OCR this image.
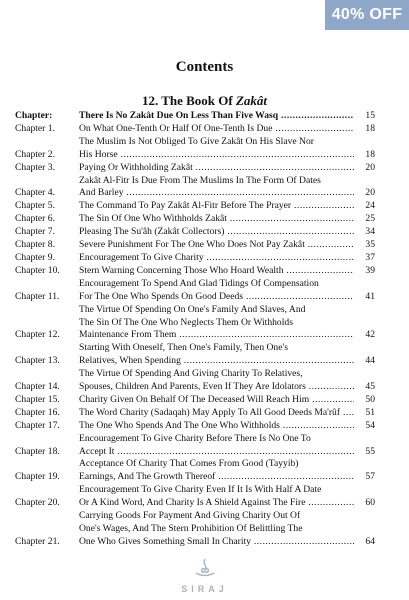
40% OFF
Contents
12. The Book Of Zakât
Chapter:	There Is No Zakât Due On Less Than Five Wasq .....	15
Chapter 1.	On What One-Tenth Or Half Of One-Tenth Is Due .....	18
Chapter 2.
The Muslim Is Not Obliged To Give Zakât On His Slave Nor
His Horse .....	18
Chapter 3.	Paying Or Withholding Zakât .....	20
Chapter 4.
Zakât Al-Fitr Is Due From The Muslims In The Form Of Dates
And Barley .....	20
Chapter 5.	The Command To Pay Zakât Al-Fitr Before The Prayer .....	24
Chapter 6.	The Sin Of One Who Withholds Zakât .....	25
Chapter 7.	Pleasing The Su'âh (Zakât Collectors) .....	34
Chapter 8.	Severe Punishment For The One Who Does Not Pay Zakât .....	35
Chapter 9.	Encouragement To Give Charity .....	37
Chapter 10.	Stern Warning Concerning Those Who Hoard Wealth .....	39
Chapter 11.
Encouragement To Spend And Glad Tidings Of Compensation
For The One Who Spends On Good Deeds .....	41
Chapter 12.
The Virtue Of Spending On One's Family And Slaves, And
The Sin Of The One Who Neglects Them Or Withholds
Maintenance From Them .....	42
Chapter 13.
Starting With Oneself, Then One's Family, Then One's
Relatives, When Spending .....	44
Chapter 14.
The Virtue Of Spending And Giving Charity To Relatives,
Spouses, Children And Parents, Even If They Are Idolators .....	45
Chapter 15.	Charity Given On Behalf Of The Deceased Will Reach Him .....	50
Chapter 16.	The Word Charity (Sadaqah) May Apply To All Good Deeds Ma'rûf .....	51
Chapter 17.	The One Who Spends And The One Who Withholds .....	54
Chapter 18.
Encouragement To Give Charity Before There Is No One To
Accept It .....	55
Chapter 19.
Acceptance Of Charity That Comes From Good (Tayyib)
Earnings, And The Growth Thereof .....	57
Chapter 20.
Encouragement To Give Charity Even If It Is With Half A Date
Or A Kind Word, And Charity Is A Shield Against The Fire .....	60
Chapter 21.
Carrying Goods For Payment And Giving Charity Out Of
One's Wages, And The Stern Prohibition Of Belittling The
One Who Gives Something Small In Charity .....	64
SIRAJ
